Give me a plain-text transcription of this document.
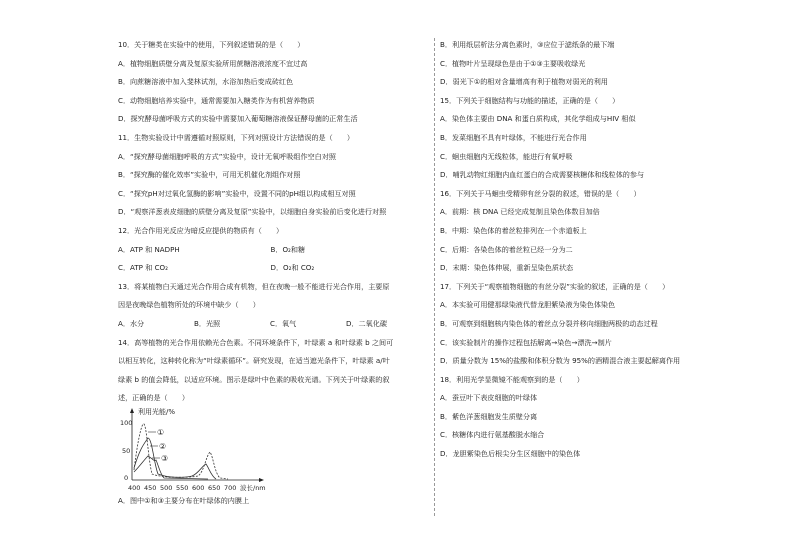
10．关于糖类在实验中的使用，下列叙述错误的是（　　）
A．植物细胞质壁分离及复原实验所用蔗糖溶液浓度不宜过高
B．向蔗糖溶液中加入斐林试剂，水浴加热后变成砖红色
C．动物细胞培养实验中，通常需要加入糖类作为有机营养物质
D．探究酵母菌呼吸方式的实验中需要加入葡萄糖溶液保证酵母菌的正常生活
11．生物实验设计中需遵循对照原则，下列对照设计方法错误的是（　　）
A．“探究酵母菌细胞呼吸的方式”实验中，设计无氧呼吸组作空白对照
B．“探究酶的催化效率”实验中，可用无机催化剂组作对照
C．“探究pH对过氧化氢酶的影响”实验中，设置不同的pH组以构成相互对照
D．“观察洋葱表皮细胞的质壁分离及复原”实验中，以细胞自身实验前后变化进行对照
12．光合作用光反应为暗反应提供的物质有（　　）
A．ATP 和 NADPH	B．O₂和糖
C．ATP 和 CO₂	D．O₂和 CO₂
13．将某植物白天通过光合作用合成有机物，但在夜晚一般不能进行光合作用，主要原
因是夜晚绿色植物所处的环境中缺少（　　）
A．水分	B．光照	C．氧气	D．二氧化碳
14．高等植物的光合作用依赖光合色素。不同环境条件下，叶绿素 a 和叶绿素 b 之间可
以相互转化，这种转化称为“叶绿素循环”。研究发现，在适当遮光条件下，叶绿素 a/叶
绿素 b 的值会降低，以适应环境。图示是绿叶中色素的吸收光谱。下列关于叶绿素的叙
述，正确的是（　　）
利用光能/%
100
50
0
①
②
③
400 450 500 550 600 650 700 波长/nm
A．图中①和③主要分布在叶绿体的内膜上
B．利用纸层析法分离色素时，③应位于滤纸条的最下端
C．植物叶片呈现绿色是由于①③主要吸收绿光
D．弱光下①的相对含量增高有利于植物对弱光的利用
15．下列关于细胞结构与功能的描述，正确的是（　　）
A．染色体主要由 DNA 和蛋白质构成，其化学组成与HIV 相似
B．发菜细胞不具有叶绿体，不能进行光合作用
C．蛔虫细胞内无线粒体，能进行有氧呼吸
D．哺乳动物红细胞内血红蛋白的合成需要核糖体和线粒体的参与
16．下列关于马蛔虫受精卵有丝分裂的叙述，错误的是（　　）
A．前期：核 DNA 已经完成复制且染色体数目加倍
B．中期：染色体的着丝粒排列在一个赤道板上
C．后期：各染色体的着丝粒已经一分为二
D．末期：染色体伸展，重新呈染色质状态
17．下列关于“观察植物细胞的有丝分裂”实验的叙述，正确的是（　　）
A．本实验可用健那绿染液代替龙胆紫染液为染色体染色
B．可观察到细胞核内染色体的着丝点分裂并移向细胞两极的动态过程
C．该实验制片的操作过程包括解离→染色→漂洗→制片
D．质量分数为 15%的盐酸和体积分数为 95%的酒精混合液主要起解离作用
18．利用光学显微镜不能观察到的是（　　）
A．蚕豆叶下表皮细胞的叶绿体
B．紫色洋葱细胞发生质壁分离
C．核糖体内进行氨基酸脱水缩合
D．龙胆紫染色后根尖分生区细胞中的染色体
